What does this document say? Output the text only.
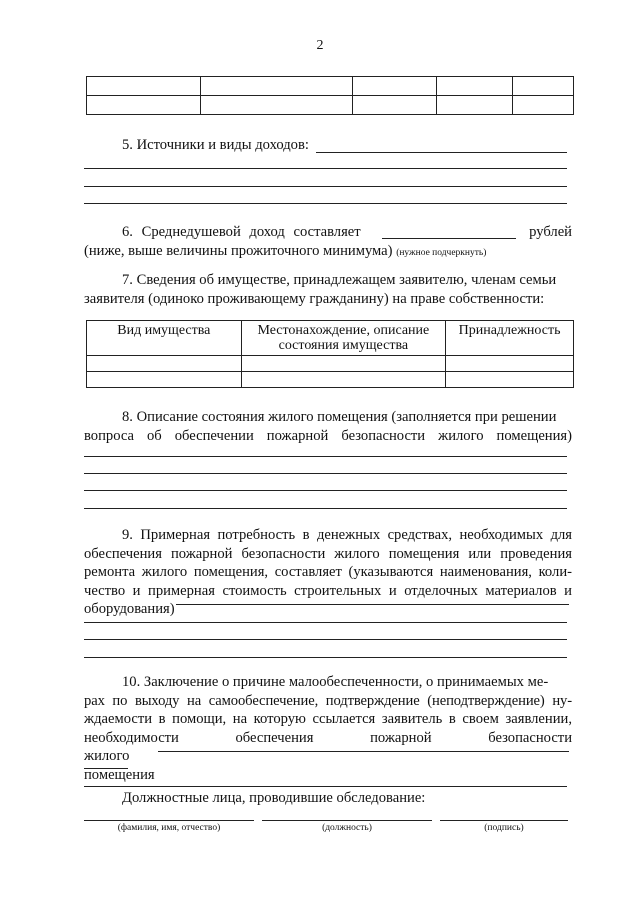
2

5. Источники и виды доходов:
6. Среднедушевой доход составляет	рублей
(ниже, выше величины прожиточного минимума) (нужное подчеркнуть)
7. Сведения об имуществе, принадлежащем заявителю, членам семьи
заявителя (одиноко проживающему гражданину) на праве собственности:
Вид имущества	Местонахождение, описание состояния имущества	Принадлежность

8. Описание состояния жилого помещения (заполняется при решении
вопроса об обеспечении пожарной безопасности жилого помещения)
9. Примерная потребность в денежных средствах, необходимых для
обеспечения пожарной безопасности жилого помещения или проведения
ремонта жилого помещения, составляет (указываются наименования, коли-
чество и примерная стоимость строительных и отделочных материалов и
оборудования)
10. Заключение о причине малообеспеченности, о принимаемых ме-
рах по выходу на самообеспечение, подтверждение (неподтверждение) ну-
ждаемости в помощи, на которую ссылается заявитель в своем заявлении,
необходимости обеспечения пожарной безопасности жилого
помещения
Должностные лица, проводившие обследование:
(фамилия, имя, отчество)	(должность)	(подпись)
